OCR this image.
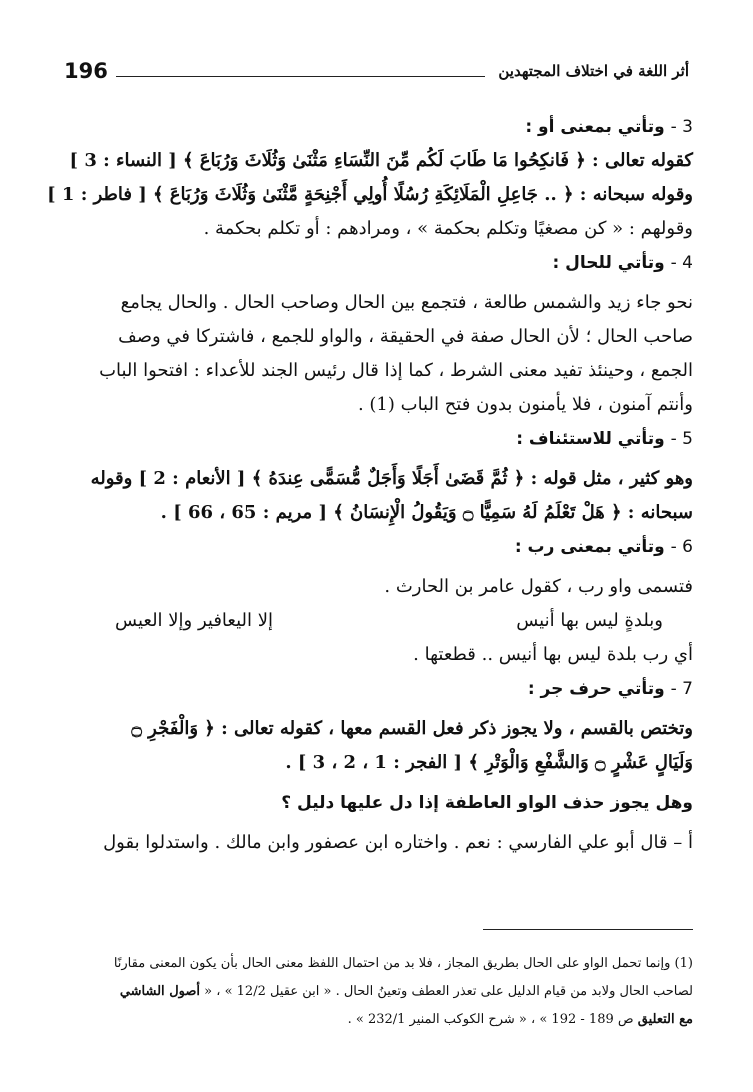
196	أثر اللغة في اختلاف المجتهدين
3 - وتأتي بمعنى أو :
كقوله تعالى : ﴿ فَانكِحُوا مَا طَابَ لَكُم مِّنَ النِّسَاءِ مَثْنَىٰ وَثُلَاثَ وَرُبَاعَ ﴾ [ النساء : 3 ]
وقوله سبحانه : ﴿ .. جَاعِلِ الْمَلَائِكَةِ رُسُلًا أُولِي أَجْنِحَةٍ مَّثْنَىٰ وَثُلَاثَ وَرُبَاعَ ﴾ [ فاطر : 1 ]
وقولهم : « كن مصغيًا وتكلم بحكمة » ، ومرادهم : أو تكلم بحكمة .
4 - وتأتي للحال :
نحو جاء زيد والشمس طالعة ، فتجمع بين الحال وصاحب الحال . والحال يجامع
صاحب الحال ؛ لأن الحال صفة في الحقيقة ، والواو للجمع ، فاشتركا في وصف
الجمع ، وحينئذ تفيد معنى الشرط ، كما إذا قال رئيس الجند للأعداء : افتحوا الباب
وأنتم آمنون ، فلا يأمنون بدون فتح الباب (1) .
5 - وتأتي للاستئناف :
وهو كثير ، مثل قوله : ﴿ ثُمَّ قَضَىٰ أَجَلًا وَأَجَلٌ مُّسَمًّى عِندَهُ ﴾ [ الأنعام : 2 ] وقوله
سبحانه : ﴿ هَلْ تَعْلَمُ لَهُ سَمِيًّا ۝ وَيَقُولُ الْإِنسَانُ ﴾ [ مريم : 65 ، 66 ] .
6 - وتأتي بمعنى رب :
فتسمى واو رب ، كقول عامر بن الحارث .
وبلدةٍ ليس بها أنيس
إلا اليعافير وإلا العيس
أي رب بلدة ليس بها أنيس .. قطعتها .
7 - وتأتي حرف جر :
وتختص بالقسم ، ولا يجوز ذكر فعل القسم معها ، كقوله تعالى : ﴿ وَالْفَجْرِ ۝
وَلَيَالٍ عَشْرٍ ۝ وَالشَّفْعِ وَالْوَتْرِ ﴾ [ الفجر : 1 ، 2 ، 3 ] .
وهل يجوز حذف الواو العاطفة إذا دل عليها دليل ؟
أ – قال أبو علي الفارسي : نعم . واختاره ابن عصفور وابن مالك . واستدلوا بقول
(1) وإنما تحمل الواو على الحال بطريق المجاز ، فلا بد من احتمال اللفظ معنى الحال بأن يكون المعنى مقارنًا
لصاحب الحال ولابد من قيام الدليل على تعذر العطف وتعينُ الحال . « ابن عقيل 12/2 » ، « أصول الشاشي
مع التعليق ص 189 - 192 » ، « شرح الكوكب المنير 232/1 » .
